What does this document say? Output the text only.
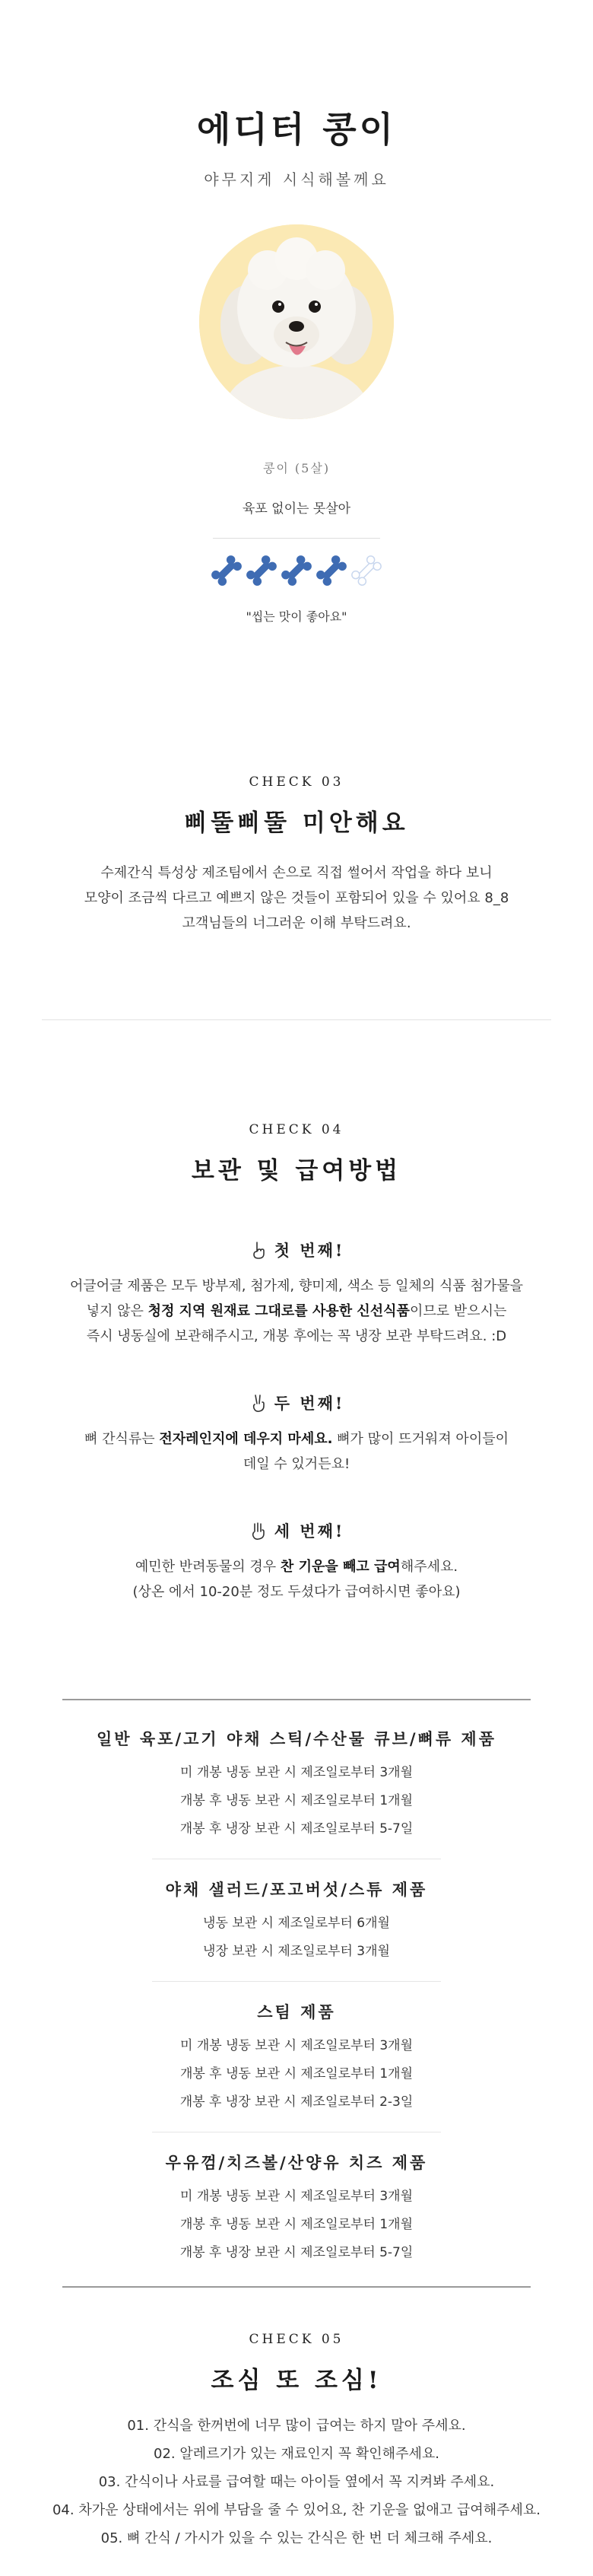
에디터 콩이
야무지게 시식해볼께요
콩이 (5살)
육포 없이는 못살아
"씹는 맛이 좋아요"
CHECK 03
삐뚤삐뚤 미안해요
수제간식 특성상 제조팀에서 손으로 직접 썰어서 작업을 하다 보니
모양이 조금씩 다르고 예쁘지 않은 것들이 포함되어 있을 수 있어요 8_8
고객님들의 너그러운 이해 부탁드려요.
CHECK 04
보관 및 급여방법
첫 번째!
어글어글 제품은 모두 방부제, 첨가제, 향미제, 색소 등 일체의 식품 첨가물을
넣지 않은 청정 지역 원재료 그대로를 사용한 신선식품이므로 받으시는
즉시 냉동실에 보관해주시고, 개봉 후에는 꼭 냉장 보관 부탁드려요. :D
두 번째!
뼈 간식류는 전자레인지에 데우지 마세요. 뼈가 많이 뜨거워져 아이들이
데일 수 있거든요!
세 번째!
예민한 반려동물의 경우 찬 기운을 빼고 급여해주세요.
(상온 에서 10-20분 정도 두셨다가 급여하시면 좋아요)
일반 육포/고기 야채 스틱/수산물 큐브/뼈류 제품
미 개봉 냉동 보관 시 제조일로부터 3개월
개봉 후 냉동 보관 시 제조일로부터 1개월
개봉 후 냉장 보관 시 제조일로부터 5-7일
야채 샐러드/포고버섯/스튜 제품
냉동 보관 시 제조일로부터 6개월
냉장 보관 시 제조일로부터 3개월
스팀 제품
미 개봉 냉동 보관 시 제조일로부터 3개월
개봉 후 냉동 보관 시 제조일로부터 1개월
개봉 후 냉장 보관 시 제조일로부터 2-3일
우유껌/치즈볼/산양유 치즈 제품
미 개봉 냉동 보관 시 제조일로부터 3개월
개봉 후 냉동 보관 시 제조일로부터 1개월
개봉 후 냉장 보관 시 제조일로부터 5-7일
CHECK 05
조심 또 조심!
01. 간식을 한꺼번에 너무 많이 급여는 하지 말아 주세요.
02. 알레르기가 있는 재료인지 꼭 확인해주세요.
03. 간식이나 사료를 급여할 때는 아이들 옆에서 꼭 지켜봐 주세요.
04. 차가운 상태에서는 위에 부담을 줄 수 있어요, 찬 기운을 없애고 급여해주세요.
05. 뼈 간식 / 가시가 있을 수 있는 간식은 한 번 더 체크해 주세요.
